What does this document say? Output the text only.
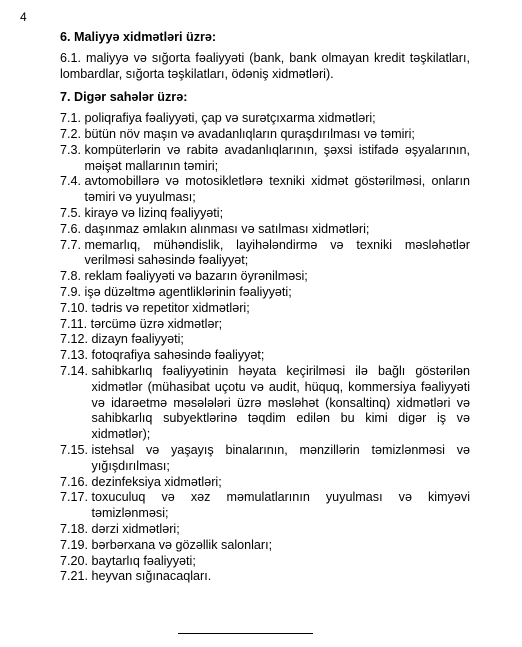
4

6. Maliyyə xidmətləri üzrə:

6.1. maliyyə və sığorta fəaliyyəti (bank, bank olmayan kredit təşkilatları, lombardlar, sığorta təşkilatları, ödəniş xidmətləri).

7. Digər sahələr üzrə:

7.1. poliqrafiya fəaliyyəti, çap və surətçıxarma xidmətləri;
7.2. bütün növ maşın və avadanlıqların quraşdırılması və təmiri;
7.3. kompüterlərin və rabitə avadanlıqlarının, şəxsi istifadə əşyalarının, məişət mallarının təmiri;
7.4. avtomobillərə və motosikletlərə texniki xidmət göstərilməsi, onların təmiri və yuyulması;
7.5. kirayə və lizinq fəaliyyəti;
7.6. daşınmaz əmlakın alınması və satılması xidmətləri;
7.7. memarlıq, mühəndislik, layihələndirmə və texniki məsləhətlər verilməsi sahəsində fəaliyyət;
7.8. reklam fəaliyyəti və bazarın öyrənilməsi;
7.9. işə düzəltmə agentliklərinin fəaliyyəti;
7.10. tədris və repetitor xidmətləri;
7.11. tərcümə üzrə xidmətlər;
7.12. dizayn fəaliyyəti;
7.13. fotoqrafiya sahəsində fəaliyyət;
7.14. sahibkarlıq fəaliyyətinin həyata keçirilməsi ilə bağlı göstərilən xidmətlər (mühasibat uçotu və audit, hüquq, kommersiya fəaliyyəti və idarəetmə məsələləri üzrə məsləhət (konsaltinq) xidmətləri və sahibkarlıq subyektlərinə təqdim edilən bu kimi digər iş və xidmətlər);
7.15. istehsal və yaşayış binalarının, mənzillərin təmizlənməsi və yığışdırılması;
7.16. dezinfeksiya xidmətləri;
7.17. toxuculuq və xəz məmulatlarının yuyulması və kimyəvi təmizlənməsi;
7.18. dərzi xidmətləri;
7.19. bərbərxana və gözəllik salonları;
7.20. baytarlıq fəaliyyəti;
7.21. heyvan sığınacaqları.
